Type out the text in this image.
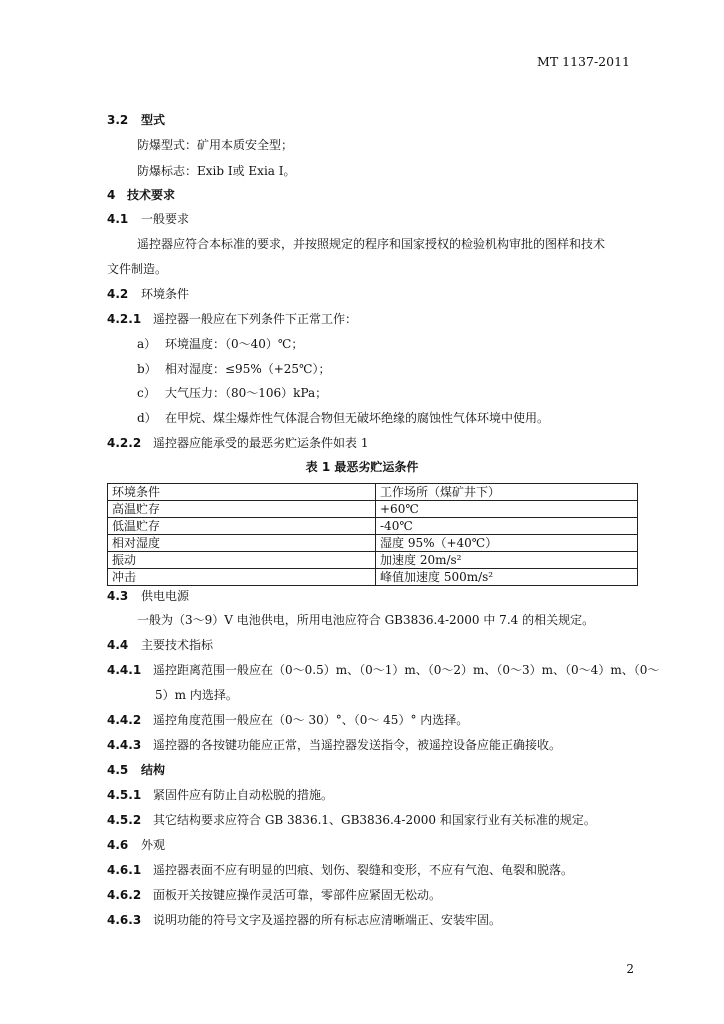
MT 1137-2011
3.2 型式
防爆型式：矿用本质安全型；
防爆标志：Exib Ⅰ或 Exia Ⅰ。
4 技术要求
4.1 一般要求
遥控器应符合本标准的要求，并按照规定的程序和国家授权的检验机构审批的图样和技术
文件制造。
4.2 环境条件
4.2.1 遥控器一般应在下列条件下正常工作：
a） 环境温度：（0～40）℃；
b） 相对湿度：≤95%（+25℃）；
c） 大气压力：（80～106）kPa；
d） 在甲烷、煤尘爆炸性气体混合物但无破坏绝缘的腐蚀性气体环境中使用。
4.2.2 遥控器应能承受的最恶劣贮运条件如表 1
表 1 最恶劣贮运条件
环境条件	工作场所（煤矿井下）
高温贮存	+60℃
低温贮存	-40℃
相对湿度	湿度 95%（+40℃）
振动	加速度 20m/s²
冲击	峰值加速度 500m/s²
4.3 供电电源
一般为（3～9）V 电池供电，所用电池应符合 GB3836.4-2000 中 7.4 的相关规定。
4.4 主要技术指标
4.4.1 遥控距离范围一般应在（0～0.5）m、（0～1）m、（0～2）m、（0～3）m、（0～4）m、（0～
5）m 内选择。
4.4.2 遥控角度范围一般应在（0～ 30）°、（0～ 45）° 内选择。
4.4.3 遥控器的各按键功能应正常，当遥控器发送指令，被遥控设备应能正确接收。
4.5 结构
4.5.1 紧固件应有防止自动松脱的措施。
4.5.2 其它结构要求应符合 GB 3836.1、GB3836.4-2000 和国家行业有关标准的规定。
4.6 外观
4.6.1 遥控器表面不应有明显的凹痕、划伤、裂缝和变形，不应有气泡、龟裂和脱落。
4.6.2 面板开关按键应操作灵活可靠，零部件应紧固无松动。
4.6.3 说明功能的符号文字及遥控器的所有标志应清晰端正、安装牢固。
2
